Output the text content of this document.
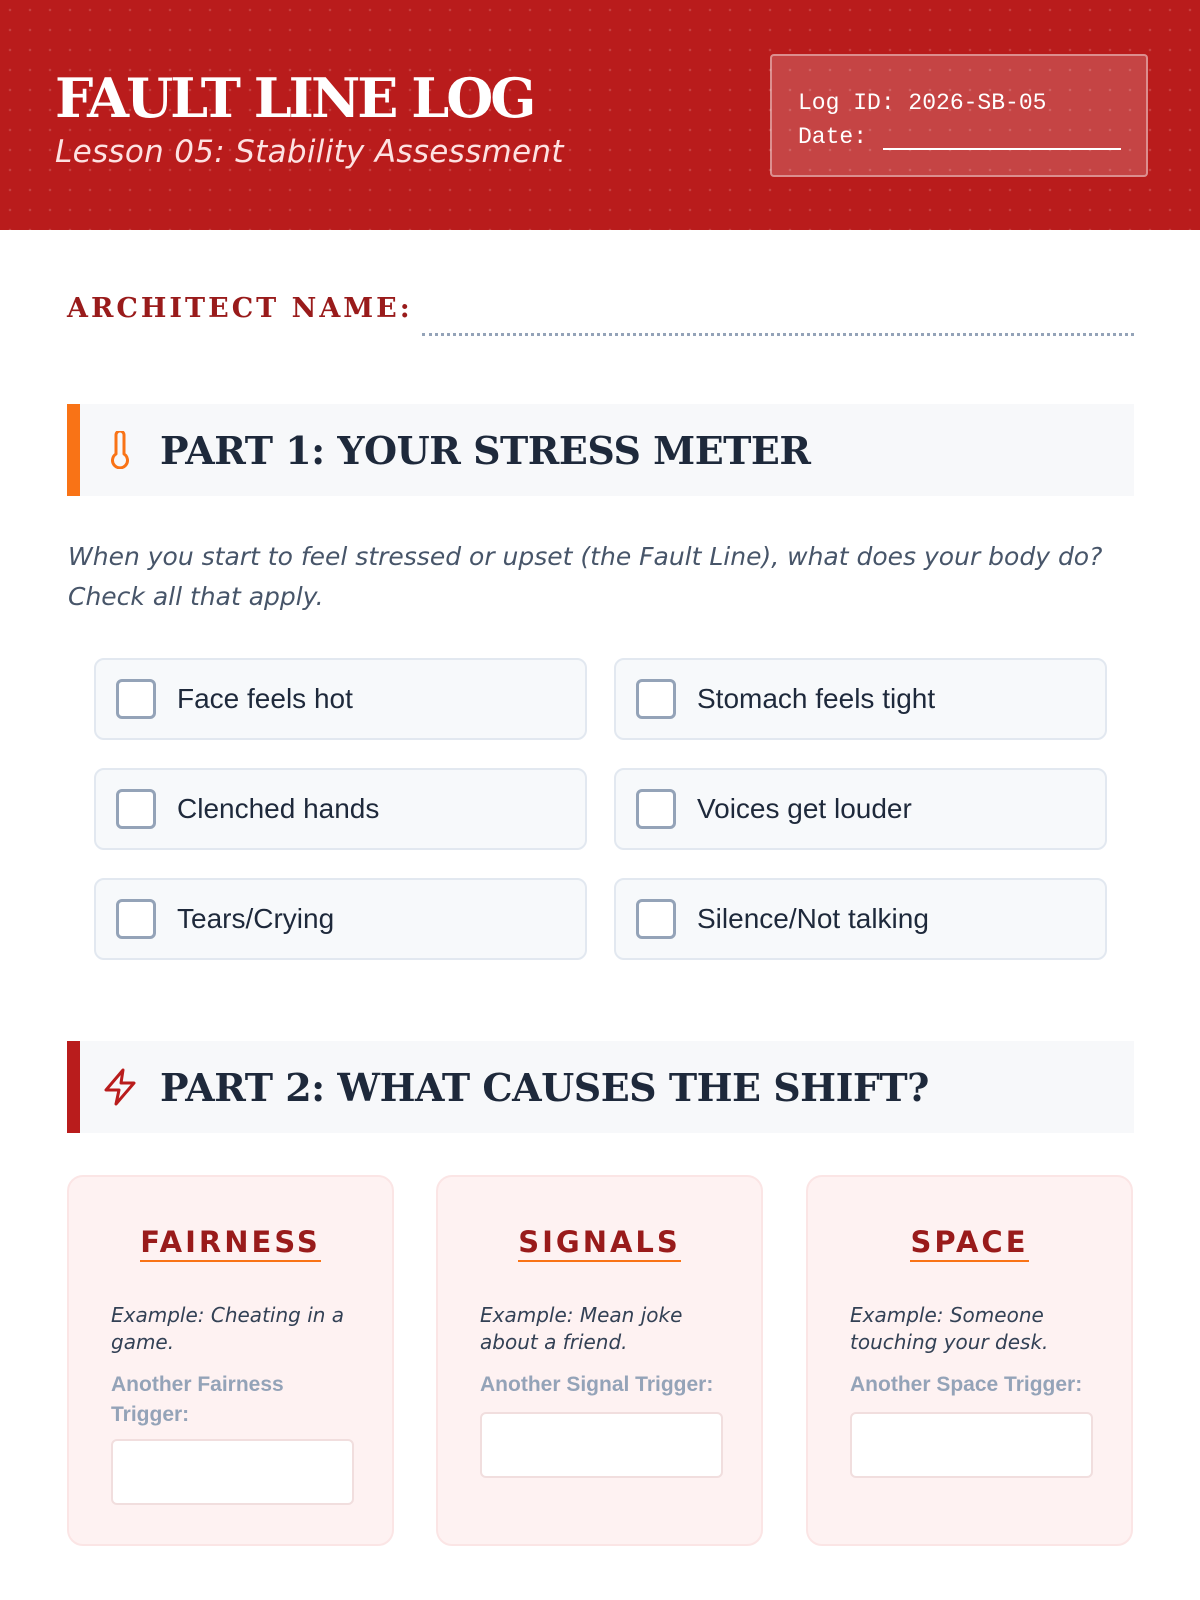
FAULT LINE LOG
Lesson 05: Stability Assessment
Log ID: 2026-SB-05
Date:
ARCHITECT NAME:
PART 1: YOUR STRESS METER
When you start to feel stressed or upset (the Fault Line), what does your body do? Check all that apply.
Face feels hot	Stomach feels tight
Clenched hands	Voices get louder
Tears/Crying	Silence/Not talking
PART 2: WHAT CAUSES THE SHIFT?
FAIRNESS
Example: Cheating in a game.
Another Fairness Trigger:
SIGNALS
Example: Mean joke about a friend.
Another Signal Trigger:
SPACE
Example: Someone touching your desk.
Another Space Trigger:
